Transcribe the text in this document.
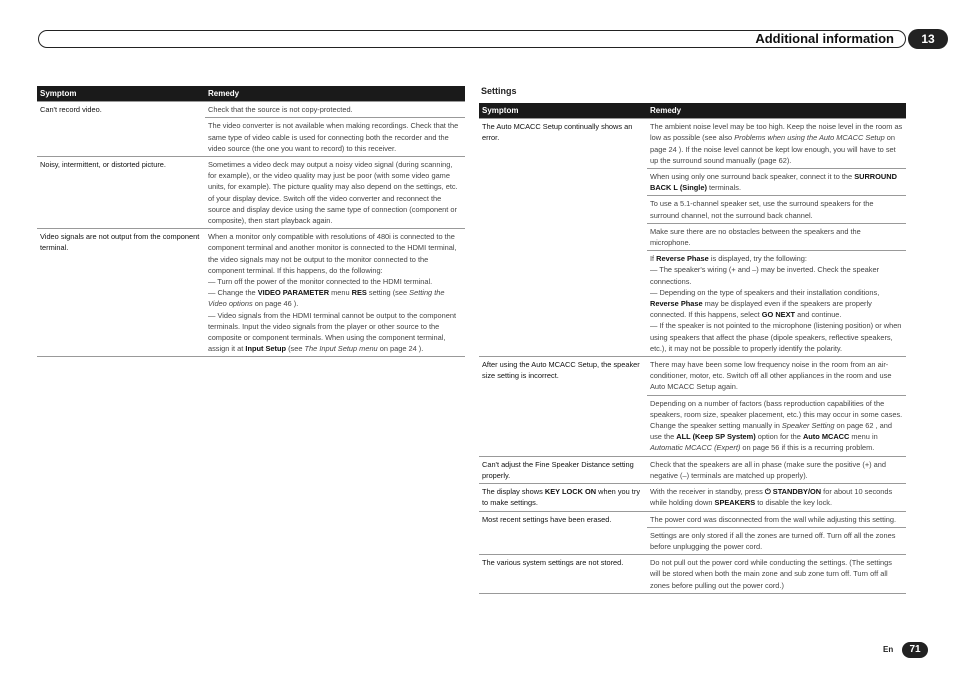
Additional information	13
Symptom	Remedy
Can't record video.	Check that the source is not copy-protected.
	The video converter is not available when making recordings. Check that the same type of video cable is used for connecting both the recorder and the video source (the one you want to record) to this receiver.
Noisy, intermittent, or distorted picture.	Sometimes a video deck may output a noisy video signal (during scanning, for example), or the video quality may just be poor (with some video game units, for example). The picture quality may also depend on the settings, etc. of your display device. Switch off the video converter and reconnect the source and display device using the same type of connection (component or composite), then start playback again.
Video signals are not output from the component terminal.	When a monitor only compatible with resolutions of 480i is connected to the component terminal and another monitor is connected to the HDMI terminal, the video signals may not be output to the monitor connected to the component terminal. If this happens, do the following:
— Turn off the power of the monitor connected to the HDMI terminal.
— Change the VIDEO PARAMETER menu RES setting (see Setting the Video options on page 46 ).
— Video signals from the HDMI terminal cannot be output to the component terminals. Input the video signals from the player or other source to the composite or component terminals. When using the component terminal, assign it at Input Setup (see The Input Setup menu on page 24 ).
Settings
Symptom	Remedy
The Auto MCACC Setup continually shows an error.	The ambient noise level may be too high. Keep the noise level in the room as low as possible (see also Problems when using the Auto MCACC Setup on page 24 ). If the noise level cannot be kept low enough, you will have to set up the surround sound manually (page 62).
	When using only one surround back speaker, connect it to the SURROUND BACK L (Single) terminals.
	To use a 5.1-channel speaker set, use the surround speakers for the surround channel, not the surround back channel.
	Make sure there are no obstacles between the speakers and the microphone.
	If Reverse Phase is displayed, try the following:
— The speaker's wiring (+ and –) may be inverted. Check the speaker connections.
— Depending on the type of speakers and their installation conditions, Reverse Phase may be displayed even if the speakers are properly connected. If this happens, select GO NEXT and continue.
— If the speaker is not pointed to the microphone (listening position) or when using speakers that affect the phase (dipole speakers, reflective speakers, etc.), it may not be possible to properly identify the polarity.
After using the Auto MCACC Setup, the speaker size setting is incorrect.	There may have been some low frequency noise in the room from an air-conditioner, motor, etc. Switch off all other appliances in the room and use Auto MCACC Setup again.
	Depending on a number of factors (bass reproduction capabilities of the speakers, room size, speaker placement, etc.) this may occur in some cases. Change the speaker setting manually in Speaker Setting on page 62 , and use the ALL (Keep SP System) option for the Auto MCACC menu in Automatic MCACC (Expert) on page 56 if this is a recurring problem.
Can't adjust the Fine Speaker Distance setting properly.	Check that the speakers are all in phase (make sure the positive (+) and negative (–) terminals are matched up properly).
The display shows KEY LOCK ON when you try to make settings.	With the receiver in standby, press ⏻ STANDBY/ON for about 10 seconds while holding down SPEAKERS to disable the key lock.
Most recent settings have been erased.	The power cord was disconnected from the wall while adjusting this setting.
	Settings are only stored if all the zones are turned off. Turn off all the zones before unplugging the power cord.
The various system settings are not stored.	Do not pull out the power cord while conducting the settings. (The settings will be stored when both the main zone and sub zone turn off. Turn off all zones before pulling out the power cord.)
En	71
